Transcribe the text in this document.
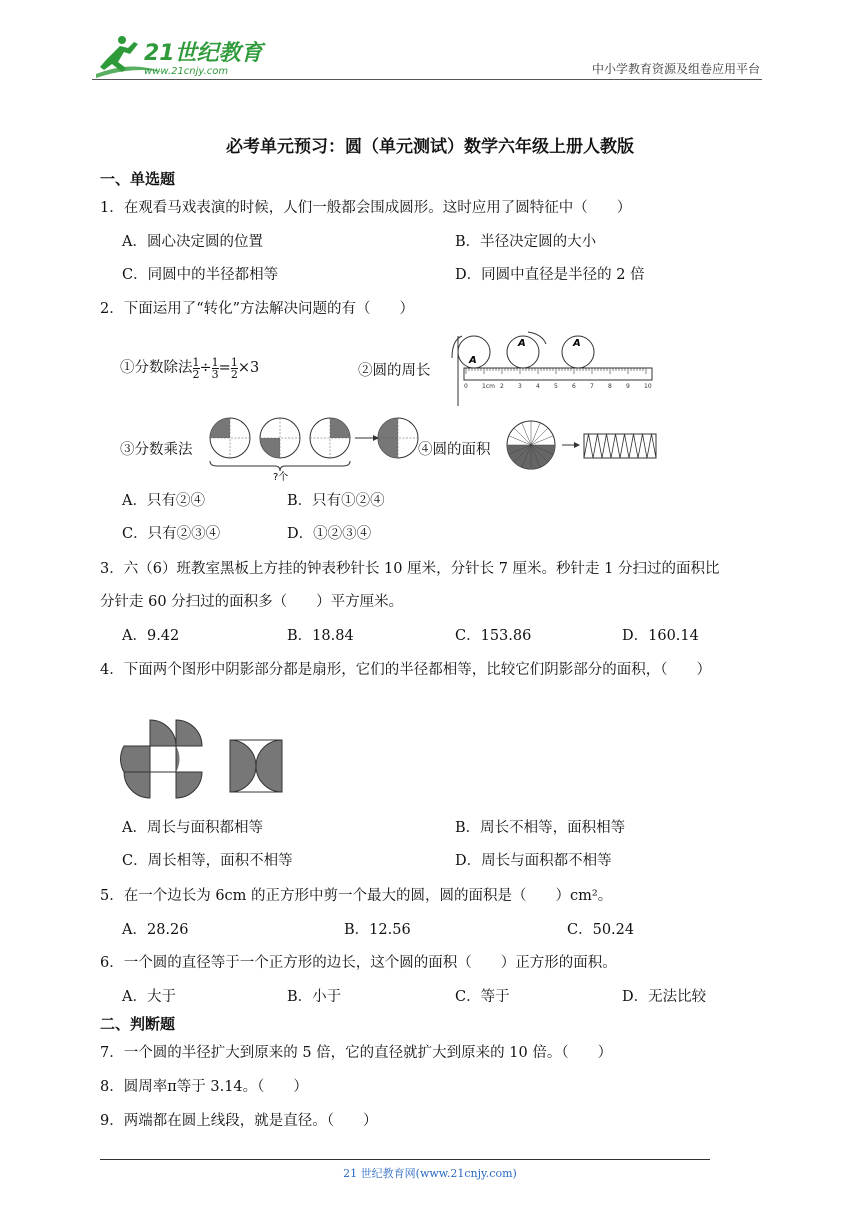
21世纪教育
www.21cnjy.com	中小学教育资源及组卷应用平台
必考单元预习：圆（单元测试）数学六年级上册人教版
一、单选题
1．在观看马戏表演的时候，人们一般都会围成圆形。这时应用了圆特征中（　　）
A．圆心决定圆的位置	B．半径决定圆的大小
C．同圆中的半径都相等	D．同圆中直径是半径的 2 倍
2．下面运用了“转化”方法解决问题的有（　　）
①分数除法 $\frac{1}{2} \div \frac{1}{3} = \frac{1}{2} \times 3$	②圆的周长
A
A	A
0 1cm 2 3 4 5 6 7 8 9 10
③分数乘法
?个
④圆的面积
A．只有②④	B．只有①②④
C．只有②③④	D．①②③④
3．六（6）班教室黑板上方挂的钟表秒针长 10 厘米，分针长 7 厘米。秒针走 1 分扫过的面积比
分针走 60 分扫过的面积多（　　）平方厘米。
A．9.42	B．18.84	C．153.86	D．160.14
4．下面两个图形中阴影部分都是扇形，它们的半径都相等，比较它们阴影部分的面积，（　　）
A．周长与面积都相等	B．周长不相等，面积相等
C．周长相等，面积不相等	D．周长与面积都不相等
5．在一个边长为 6cm 的正方形中剪一个最大的圆，圆的面积是（　　）cm²。
A．28.26	B．12.56	C．50.24
6．一个圆的直径等于一个正方形的边长，这个圆的面积（　　）正方形的面积。
A．大于	B．小于	C．等于	D．无法比较
二、判断题
7．一个圆的半径扩大到原来的 5 倍，它的直径就扩大到原来的 10 倍。（　　）
8．圆周率π等于 3.14。（　　）
9．两端都在圆上线段，就是直径。（　　）
21 世纪教育网(www.21cnjy.com)
